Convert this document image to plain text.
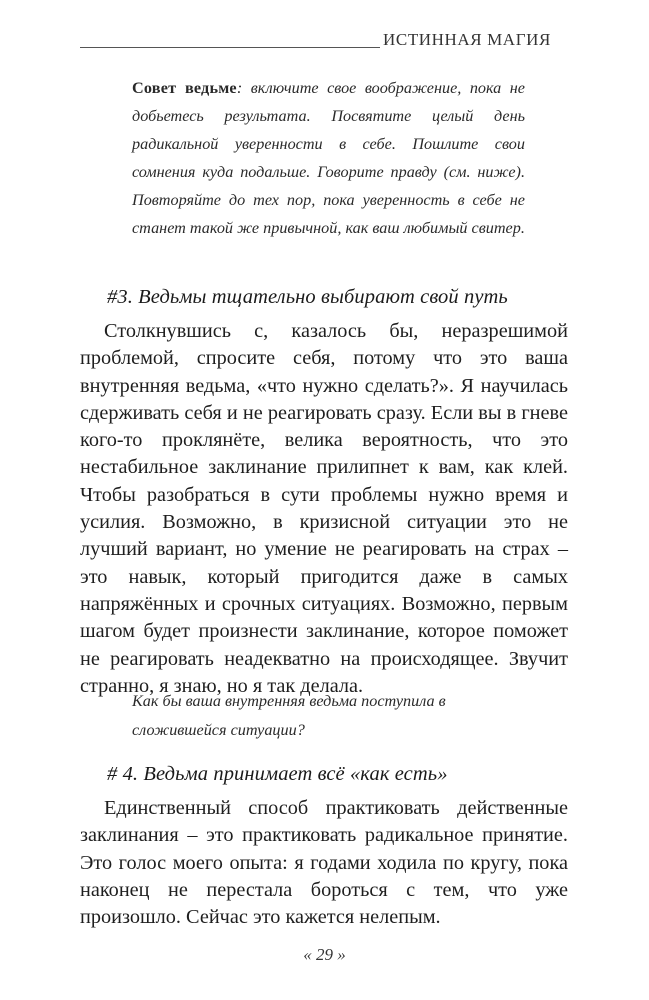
ИСТИННАЯ МАГИЯ
Совет ведьме: включите свое воображение, пока не добьетесь результата. Посвятите целый день радикальной уверенности в себе. Пошлите свои сомнения куда подальше. Говорите правду (см. ниже). Повторяйте до тех пор, пока уверенность в себе не станет такой же привычной, как ваш любимый свитер.
#3. Ведьмы тщательно выбирают свой путь
Столкнувшись с, казалось бы, неразрешимой проблемой, спросите себя, потому что это ваша внутренняя ведьма, «что нужно сделать?». Я научилась сдерживать себя и не реагировать сразу. Если вы в гневе кого-то проклянёте, велика вероятность, что это нестабильное заклинание прилипнет к вам, как клей. Чтобы разобраться в сути проблемы нужно время и усилия. Возможно, в кризисной ситуации это не лучший вариант, но умение не реагировать на страх – это навык, который пригодится даже в самых напряжённых и срочных ситуациях. Возможно, первым шагом будет произнести заклинание, которое поможет не реагировать неадекватно на происходящее. Звучит странно, я знаю, но я так делала.
Как бы ваша внутренняя ведьма поступила в сложившейся ситуации?
# 4. Ведьма принимает всё «как есть»
Единственный способ практиковать действенные заклинания – это практиковать радикальное принятие. Это голос моего опыта: я годами ходила по кругу, пока наконец не перестала бороться с тем, что уже произошло. Сейчас это кажется нелепым.
« 29 »
